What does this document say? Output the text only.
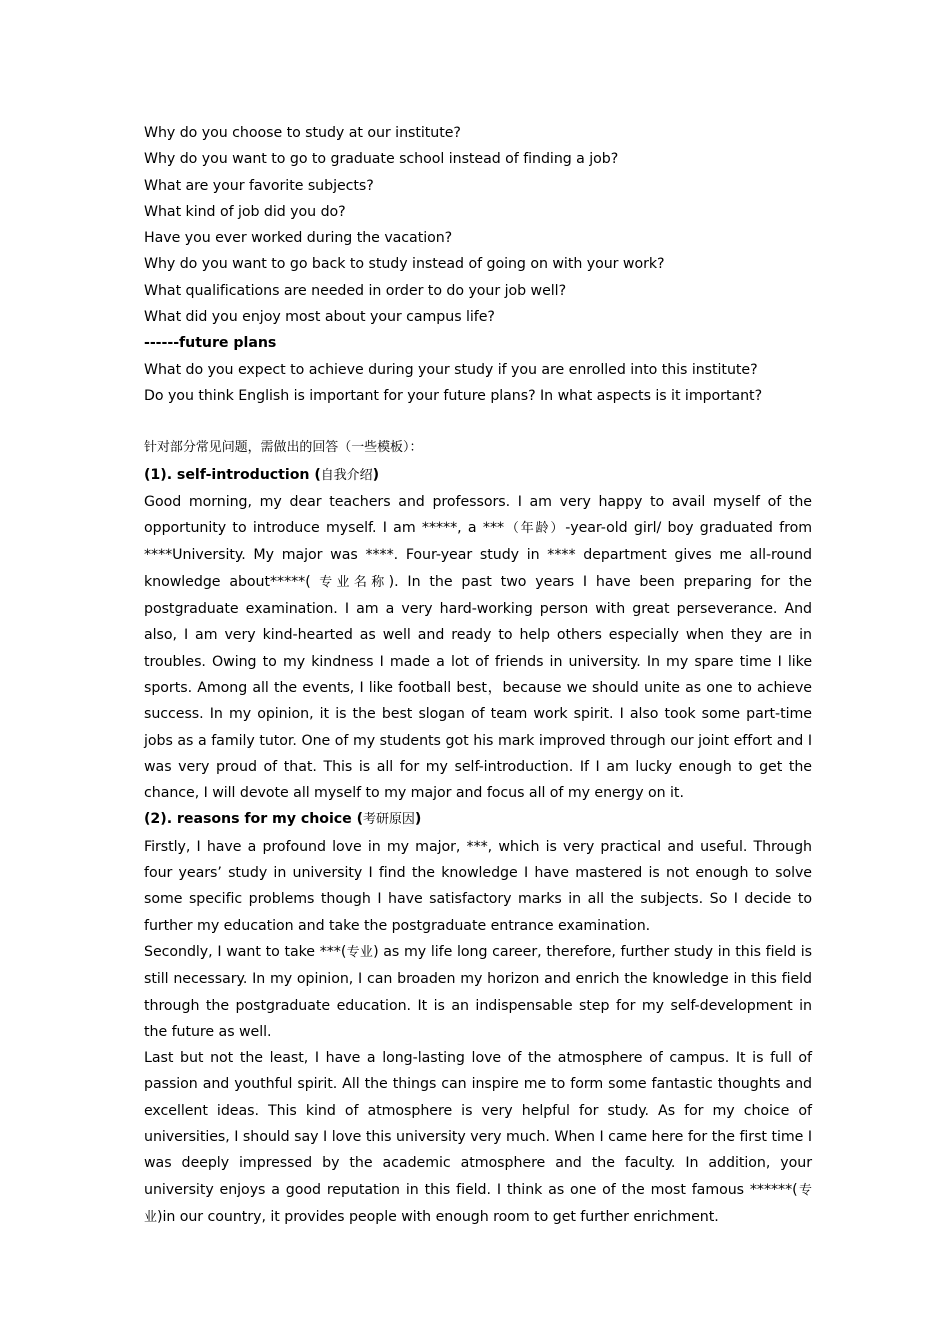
Why do you choose to study at our institute?

Why do you want to go to graduate school instead of finding a job?

What are your favorite subjects?

What kind of job did you do?

Have you ever worked during the vacation?

Why do you want to go back to study instead of going on with your work?

What qualifications are needed in order to do your job well?

What did you enjoy most about your campus life?

------future plans

What do you expect to achieve during your study if you are enrolled into this institute?

Do you think English is important for your future plans? In what aspects is it important?

针对部分常见问题，需做出的回答（一些模板）：

(1). self-introduction (自我介绍)

Good morning, my dear teachers and professors. I am very happy to avail myself of the opportunity to introduce myself. I am *****, a ***（年龄）-year-old girl/ boy graduated from ****University. My major was ****. Four-year study in **** department gives me all-round knowledge about*****( 专业名称). In the past two years I have been preparing for the postgraduate examination. I am a very hard-working person with great perseverance. And also, I am very kind-hearted as well and ready to help others especially when they are in troubles. Owing to my kindness I made a lot of friends in university. In my spare time I like sports. Among all the events, I like football best，because we should unite as one to achieve success. In my opinion, it is the best slogan of team work spirit. I also took some part-time jobs as a family tutor. One of my students got his mark improved through our joint effort and I was very proud of that. This is all for my self-introduction. If I am lucky enough to get the chance, I will devote all myself to my major and focus all of my energy on it.

(2). reasons for my choice (考研原因)

Firstly, I have a profound love in my major, ***, which is very practical and useful. Through four years’ study in university I find the knowledge I have mastered is not enough to solve some specific problems though I have satisfactory marks in all the subjects. So I decide to further my education and take the postgraduate entrance examination.

Secondly, I want to take ***(专业) as my life long career, therefore, further study in this field is still necessary. In my opinion, I can broaden my horizon and enrich the knowledge in this field through the postgraduate education. It is an indispensable step for my self-development in the future as well.

Last but not the least, I have a long-lasting love of the atmosphere of campus. It is full of passion and youthful spirit. All the things can inspire me to form some fantastic thoughts and excellent ideas. This kind of atmosphere is very helpful for study. As for my choice of universities, I should say I love this university very much. When I came here for the first time I was deeply impressed by the academic atmosphere and the faculty. In addition, your university enjoys a good reputation in this field. I think as one of the most famous ******(专业)in our country, it provides people with enough room to get further enrichment.
